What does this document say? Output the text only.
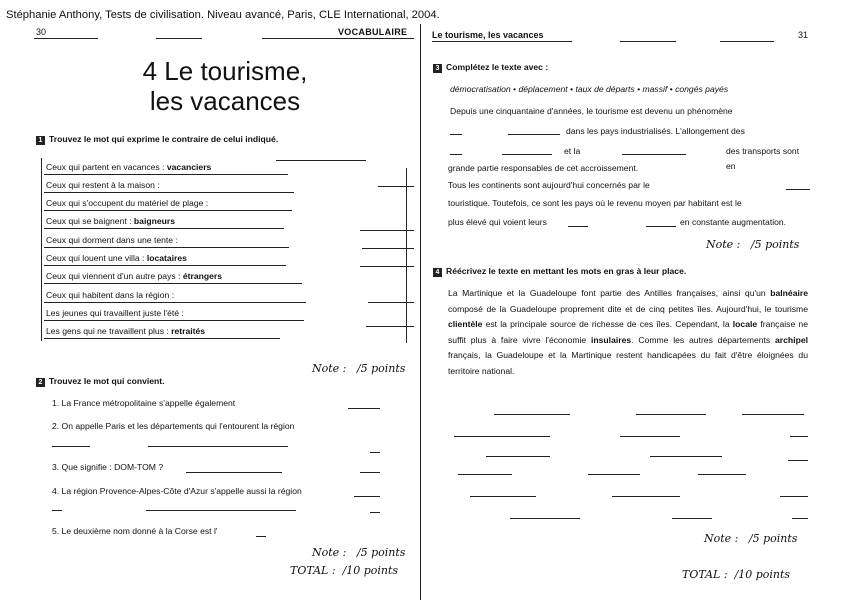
Stéphanie Anthony, Tests de civilisation. Niveau avancé, Paris, CLE International, 2004.
30	VOCABULAIRE
4 Le tourisme,
les vacances
1 Trouvez le mot qui exprime le contraire de celui indiqué.
Ceux qui partent en vacances : vacanciers
Ceux qui restent à la maison :
Ceux qui s'occupent du matériel de plage :
Ceux qui se baignent : baigneurs
Ceux qui dorment dans une tente :
Ceux qui louent une villa : locataires
Ceux qui viennent d'un autre pays : étrangers
Ceux qui habitent dans la région :
Les jeunes qui travaillent juste l'été :
Les gens qui ne travaillent plus : retraités
Note : /5 points
2 Trouvez le mot qui convient.
1. La France métropolitaine s'appelle également
2. On appelle Paris et les départements qui l'entourent la région
3. Que signifie : DOM-TOM ?
4. La région Provence-Alpes-Côte d'Azur s'appelle aussi la région
5. Le deuxième nom donné à la Corse est l'
Note : /5 points
TOTAL : /10 points
Le tourisme, les vacances	31
3 Complétez le texte avec :
démocratisation • déplacement • taux de départs • massif • congés payés
Depuis une cinquantaine d'années, le tourisme est devenu un phénomène
dans les pays industrialisés. L'allongement des
et la	des transports sont en
grande partie responsables de cet accroissement.
Tous les continents sont aujourd'hui concernés par le
touristique. Toutefois, ce sont les pays où le revenu moyen par habitant est le
plus élevé qui voient leurs	en constante augmentation.
Note : /5 points
4 Réécrivez le texte en mettant les mots en gras à leur place.
La Martinique et la Guadeloupe font partie des Antilles françaises, ainsi qu'un balnéaire composé de la Guadeloupe proprement dite et de cinq petites îles. Aujourd'hui, le tourisme clientèle est la principale source de richesse de ces îles. Cependant, la locale française ne suffit plus à faire vivre l'économie insulaires. Comme les autres départements archipel français, la Guadeloupe et la Martinique restent handicapées du fait d'être éloignées du territoire national.
Note : /5 points
TOTAL : /10 points
